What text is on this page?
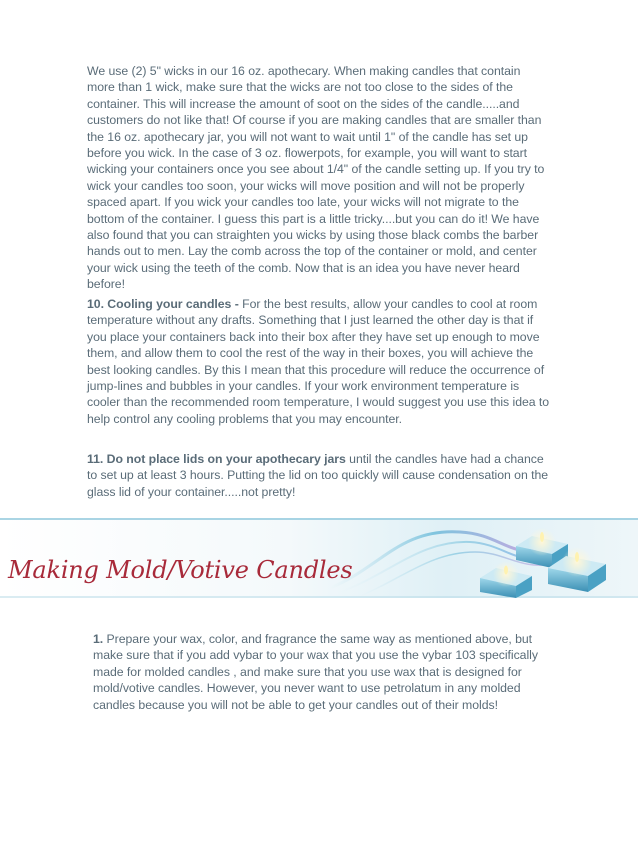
We use (2) 5" wicks in our 16 oz. apothecary. When making candles that contain more than 1 wick, make sure that the wicks are not too close to the sides of the container. This will increase the amount of soot on the sides of the candle.....and customers do not like that! Of course if you are making candles that are smaller than the 16 oz. apothecary jar, you will not want to wait until 1" of the candle has set up before you wick. In the case of 3 oz. flowerpots, for example, you will want to start wicking your containers once you see about 1/4" of the candle setting up. If you try to wick your candles too soon, your wicks will move position and will not be properly spaced apart. If you wick your candles too late, your wicks will not migrate to the bottom of the container. I guess this part is a little tricky....but you can do it! We have also found that you can straighten you wicks by using those black combs the barber hands out to men. Lay the comb across the top of the container or mold, and center your wick using the teeth of the comb. Now that is an idea you have never heard before!

10. Cooling your candles - For the best results, allow your candles to cool at room temperature without any drafts. Something that I just learned the other day is that if you place your containers back into their box after they have set up enough to move them, and allow them to cool the rest of the way in their boxes, you will achieve the best looking candles. By this I mean that this procedure will reduce the occurrence of jump-lines and bubbles in your candles. If your work environment temperature is cooler than the recommended room temperature, I would suggest you use this idea to help control any cooling problems that you may encounter.

11. Do not place lids on your apothecary jars until the candles have had a chance to set up at least 3 hours. Putting the lid on too quickly will cause condensation on the glass lid of your container.....not pretty!

Making Mold/Votive Candles

1. Prepare your wax, color, and fragrance the same way as mentioned above, but make sure that if you add vybar to your wax that you use the vybar 103 specifically made for molded candles , and make sure that you use wax that is designed for mold/votive candles. However, you never want to use petrolatum in any molded candles because you will not be able to get your candles out of their molds!
